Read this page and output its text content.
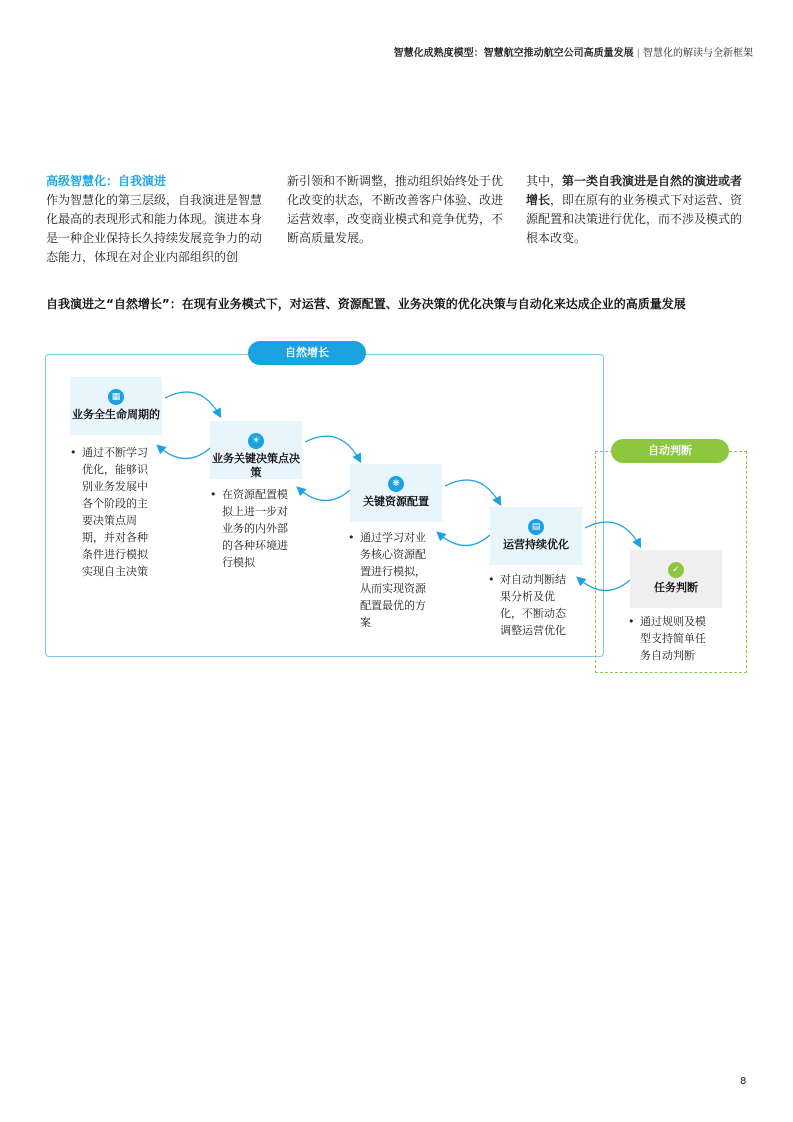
智慧化成熟度模型：智慧航空推动航空公司高质量发展 | 智慧化的解读与全新框架
高级智慧化：自我演进
作为智慧化的第三层级，自我演进是智慧化最高的表现形式和能力体现。演进本身是一种企业保持长久持续发展竞争力的动态能力，体现在对企业内部组织的创
新引领和不断调整，推动组织始终处于优化改变的状态，不断改善客户体验、改进运营效率，改变商业模式和竞争优势，不断高质量发展。
其中，第一类自我演进是自然的演进或者增长，即在原有的业务模式下对运营、资源配置和决策进行优化，而不涉及模式的根本改变。
自我演进之“自然增长”：在现有业务模式下，对运营、资源配置、业务决策的优化决策与自动化来达成企业的高质量发展
自然增长
自动判断
▦
业务全生命周期的
• 通过不断学习优化，能够识别业务发展中各个阶段的主要决策点周期，并对各种条件进行模拟实现自主决策
☀
业务关键决策点决策
• 在资源配置模拟上进一步对业务的内外部的各种环境进行模拟
❋
关键资源配置
• 通过学习对业务核心资源配置进行模拟，从而实现资源配置最优的方案
▤
运营持续优化
• 对自动判断结果分析及优化，不断动态调整运营优化
✓
任务判断
• 通过规则及模型支持简单任务自动判断
8
